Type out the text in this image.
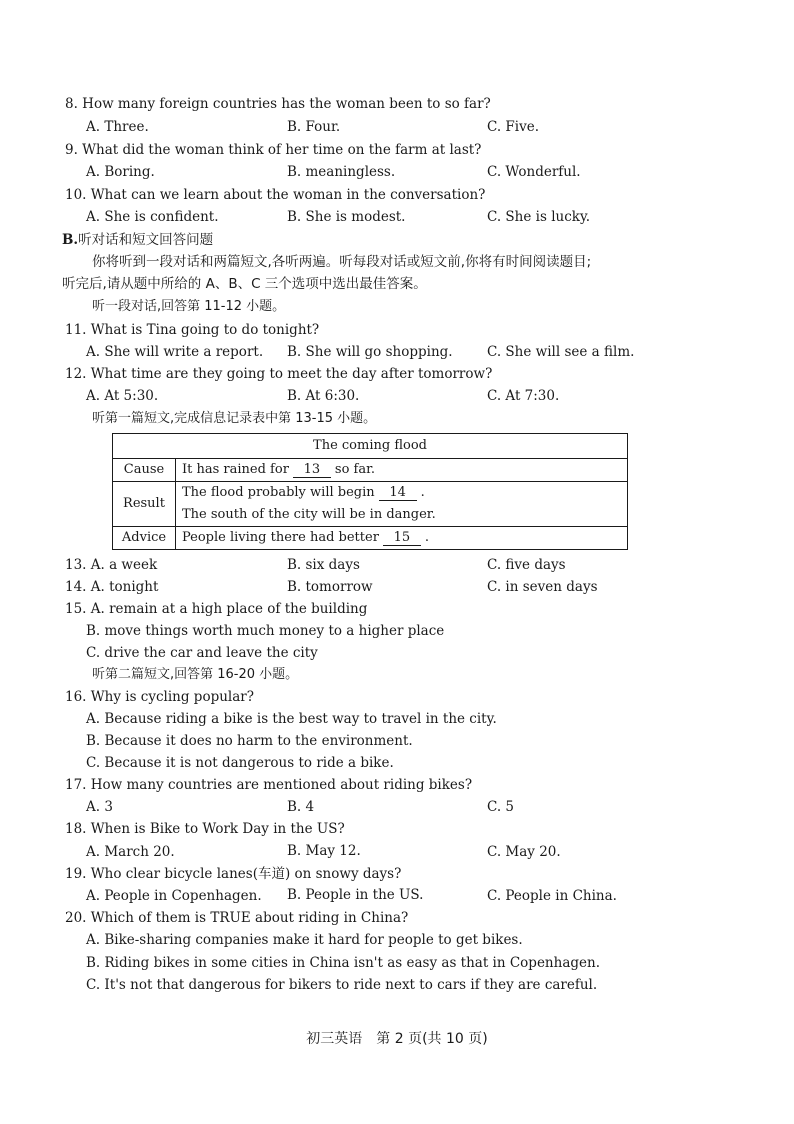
8. How many foreign countries has the woman been to so far?
A. Three.	B. Four.	C. Five.
9. What did the woman think of her time on the farm at last?
A. Boring.	B. meaningless.	C. Wonderful.
10. What can we learn about the woman in the conversation?
A. She is confident.	B. She is modest.	C. She is lucky.
B.听对话和短文回答问题
你将听到一段对话和两篇短文,各听两遍。听每段对话或短文前,你将有时间阅读题目;
听完后,请从题中所给的 A、B、C 三个选项中选出最佳答案。
听一段对话,回答第 11-12 小题。
11. What is Tina going to do tonight?
A. She will write a report. B. She will go shopping.	C. She will see a film.
12. What time are they going to meet the day after tomorrow?
A. At 5:30.	B. At 6:30.	C. At 7:30.
听第一篇短文,完成信息记录表中第 13-15 小题。
The coming flood	
Cause	It has rained for 13 so far.
Result	The flood probably will begin 14 .
The south of the city will be in danger.

Advice	People living there had better 15 .
13. A. a week	B. six days	C. five days
14. A. tonight	B. tomorrow	C. in seven days
15. A. remain at a high place of the building
B. move things worth much money to a higher place
C. drive the car and leave the city
听第二篇短文,回答第 16-20 小题。
16. Why is cycling popular?
A. Because riding a bike is the best way to travel in the city.
B. Because it does no harm to the environment.
C. Because it is not dangerous to ride a bike.
17. How many countries are mentioned about riding bikes?
A. 3	B. 4	C. 5
18. When is Bike to Work Day in the US?
A. March 20.	B. May 12.	C. May 20.
19. Who clear bicycle lanes(车道) on snowy days?
A. People in Copenhagen. B. People in the US.	C. People in China.
20. Which of them is TRUE about riding in China?
A. Bike-sharing companies make it hard for people to get bikes.
B. Riding bikes in some cities in China isn't as easy as that in Copenhagen.
C. It's not that dangerous for bikers to ride next to cars if they are careful.
初三英语　第 2 页(共 10 页)
